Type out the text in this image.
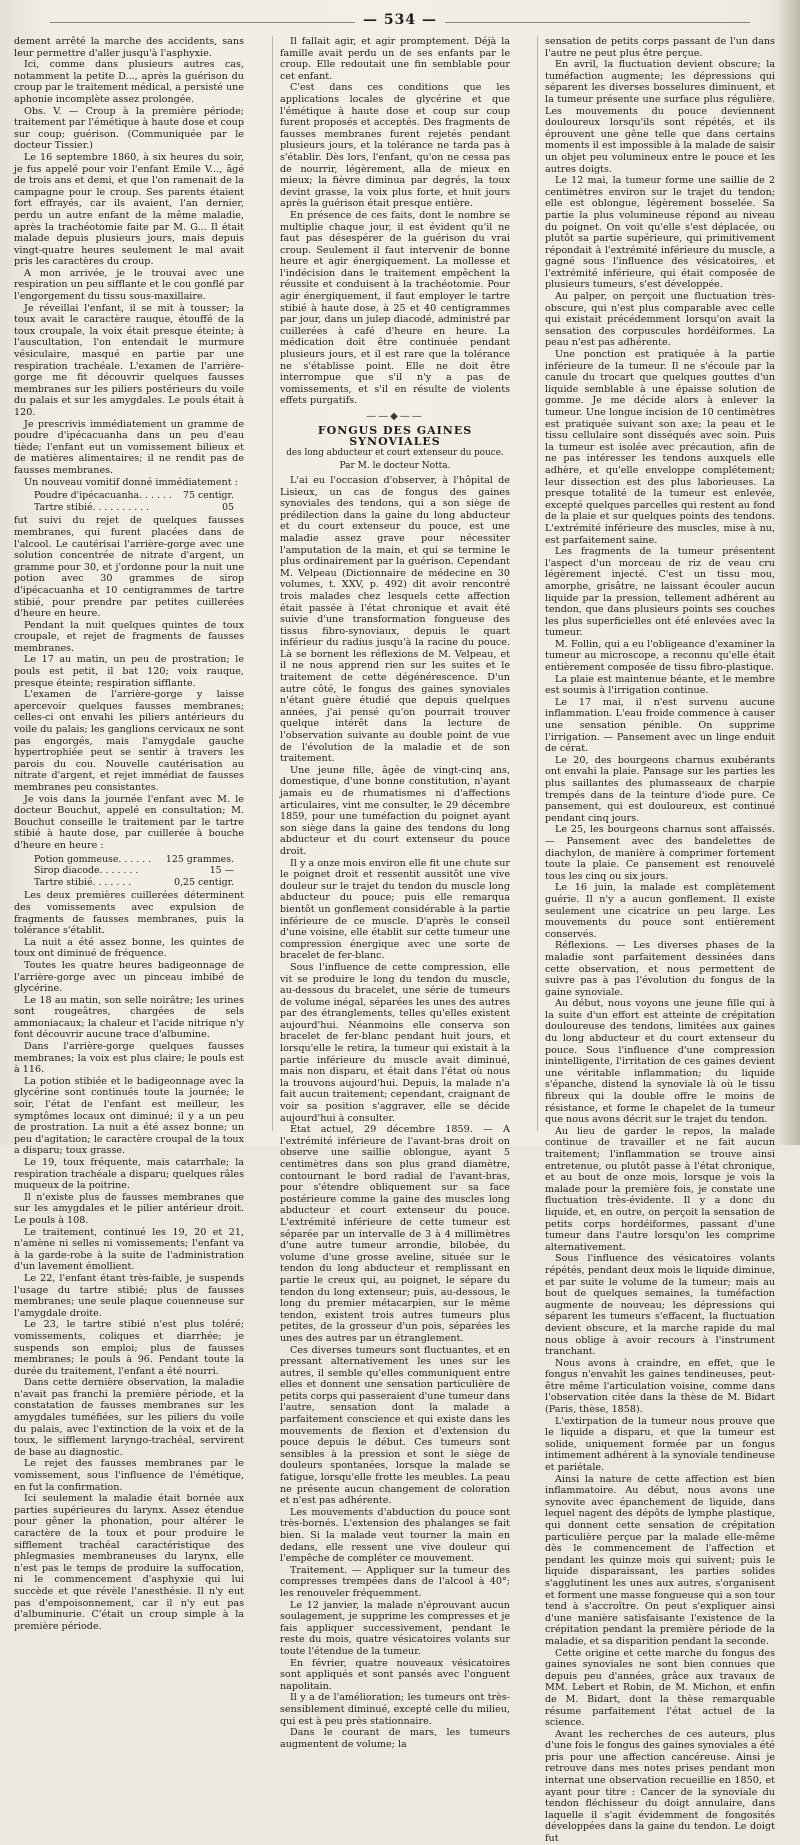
— 534 —

dement arrêté la marche des accidents, sans leur permettre d'aller jusqu'à l'asphyxie.

Ici, comme dans plusieurs autres cas, notamment la petite D..., après la guérison du croup par le traitement médical, a persisté une aphonie incomplète assez prolongée.

Obs. V. — Croup à la première période; traitement par l'émétique à haute dose et coup sur coup; guérison. (Communiquée par le docteur Tissier.)

Le 16 septembre 1860, à six heures du soir, je fus appelé pour voir l'enfant Emile V..., âgé de trois ans et demi, et que l'on ramenait de la campagne pour le croup. Ses parents étaient fort effrayés, car ils avaient, l'an dernier, perdu un autre enfant de la même maladie, après la trachéotomie faite par M. G... Il était malade depuis plusieurs jours, mais depuis vingt-quatre heures seulement le mal avait pris les caractères du croup.

A mon arrivée, je le trouvai avec une respiration un peu sifflante et le cou gonflé par l'engorgement du tissu sous-maxillaire.

Je réveillai l'enfant, il se mit à tousser; la toux avait le caractère rauque, étouffé de la toux croupale, la voix était presque éteinte; à l'auscultation, l'on entendait le murmure vésiculaire, masqué en partie par une respiration trachéale. L'examen de l'arrière-gorge me fit découvrir quelques fausses membranes sur les piliers postérieurs du voile du palais et sur les amygdales. Le pouls était à 120.

Je prescrivis immédiatement un gramme de poudre d'ipécacuanha dans un peu d'eau tiède; l'enfant eut un vomissement bilieux et de matières alimentaires; il ne rendit pas de fausses membranes.

Un nouveau vomitif donné immédiatement :

Poudre d'ipécacuanha. . . . . . 75 centigr.
Tartre stibié. . . . . . . . . .	05

fut suivi du rejet de quelques fausses membranes, qui furent placées dans de l'alcool. Le cautérisai l'arrière-gorge avec une solution concentrée de nitrate d'argent, un gramme pour 30, et j'ordonne pour la nuit une potion avec 30 grammes de sirop d'ipécacuanha et 10 centigrammes de tartre stibié, pour prendre par petites cuillerées d'heure en heure.

Pendant la nuit quelques quintes de toux croupale, et rejet de fragments de fausses membranes.

Le 17 au matin, un peu de prostration; le pouls est petit, il bat 120; voix rauque, presque éteinte; respiration sifflante.

L'examen de l'arrière-gorge y laisse apercevoir quelques fausses membranes; celles-ci ont envahi les piliers antérieurs du voile du palais; les ganglions cervicaux ne sont pas engorgés, mais l'amygdale gauche hypertrophiée peut se sentir à travers les parois du cou. Nouvelle cautérisation au nitrate d'argent, et rejet immédiat de fausses membranes peu consistantes.

Je vois dans la journée l'enfant avec M. le docteur Bouchut, appelé en consultation; M. Bouchut conseille le traitement par le tartre stibié à haute dose, par cuillerée à bouche d'heure en heure :

Potion gommeuse. . . . . . 125 grammes.
Sirop diacode. . . . . . .	15 —
Tartre stibié. . . . . . .	0,25 centigr.

Les deux premières cuillerées déterminent des vomissements avec expulsion de fragments de fausses membranes, puis la tolérance s'établit.

La nuit a été assez bonne, les quintes de toux ont diminué de fréquence.

Toutes les quatre heures badigeonnage de l'arrière-gorge avec un pinceau imbibé de glycérine.

Le 18 au matin, son selle noirâtre; les urines sont rougeâtres, chargées de sels ammoniacaux; la chaleur et l'acide nitrique n'y font découvrir aucune trace d'albumine.

Dans l'arrière-gorge quelques fausses membranes; la voix est plus claire; le pouls est à 116.

La potion stibiée et le badigeonnage avec la glycérine sont continués toute la journée; le soir, l'état de l'enfant est meilleur, les symptômes locaux ont diminué; il y a un peu de prostration. La nuit a été assez bonne; un peu d'agitation; le caractère croupal de la toux a disparu; toux grasse.

Le 19, toux fréquente, mais catarrhale; la respiration trachéale a disparu; quelques râles muqueux de la poitrine.

Il n'existe plus de fausses membranes que sur les amygdales et le pilier antérieur droit. Le pouls à 108.

Le traitement, continué les 19, 20 et 21, n'amène ni selles ni vomissements; l'enfant va à la garde-robe à la suite de l'administration d'un lavement émollient.

Le 22, l'enfant étant très-faible, je suspends l'usage du tartre stibié; plus de fausses membranes; une seule plaque couenneuse sur l'amygdale droite.

Le 23, le tartre stibié n'est plus toléré; vomissements, coliques et diarrhée; je suspends son emploi; plus de fausses membranes; le pouls à 96. Pendant toute la durée du traitement, l'enfant a été nourri.

Dans cette dernière observation, la maladie n'avait pas franchi la première période, et la constatation de fausses membranes sur les amygdales tuméfiées, sur les piliers du voile du palais, avec l'extinction de la voix et de la toux, le sifflement laryngo-trachéal, servirent de base au diagnostic.

Le rejet des fausses membranes par le vomissement, sous l'influence de l'émétique, en fut la confirmation.

Ici seulement la maladie était bornée aux parties supérieures du larynx. Assez étendue pour gêner la phonation, pour altérer le caractère de la toux et pour produire le sifflement trachéal caractéristique des phlegmasies membraneuses du larynx, elle n'est pas le temps de produire la suffocation, ni le commencement d'asphyxie qui lui succède et que révèle l'anesthésie. Il n'y eut pas d'empoisonnement, car il n'y eut pas d'albuminurie. C'était un croup simple à la première période.

Il fallait agir, et agir promptement. Déjà la famille avait perdu un de ses enfants par le croup. Elle redoutait une fin semblable pour cet enfant.

C'est dans ces conditions que les applications locales de glycérine et que l'émétique à haute dose et coup sur coup furent proposés et acceptés. Des fragments de fausses membranes furent rejetés pendant plusieurs jours, et la tolérance ne tarda pas à s'établir. Dès lors, l'enfant, qu'on ne cessa pas de nourrir, légèrement, alla de mieux en mieux; la fièvre diminua par degrés, la toux devint grasse, la voix plus forte, et huit jours après la guérison était presque entière.

En présence de ces faits, dont le nombre se multiplie chaque jour, il est évident qu'il ne faut pas désespérer de la guérison du vrai croup. Seulement il faut intervenir de bonne heure et agir énergiquement. La mollesse et l'indécision dans le traitement empêchent la réussite et conduisent à la trachéotomie. Pour agir énergiquement, il faut employer le tartre stibié à haute dose, à 25 et 40 centigrammes par jour, dans un julep diacodé, administré par cuillerées à café d'heure en heure. La médication doit être continuée pendant plusieurs jours, et il est rare que la tolérance ne s'établisse point. Elle ne doit être interrompue que s'il n'y a pas de vomissements, et s'il en résulte de violents effets purgatifs.

——◆——
FONGUS DES GAINES SYNOVIALES
des long abducteur et court extenseur du pouce.
Par M. le docteur Notta.

L'ai eu l'occasion d'observer, à l'hôpital de Lisieux, un cas de fongus des gaines synoviales des tendons, qui a son siège de prédilection dans la gaine du long abducteur et du court extenseur du pouce, est une maladie assez grave pour nécessiter l'amputation de la main, et qui se termine le plus ordinairement par la guérison. Cependant M. Velpeau (Dictionnaire de médecine en 30 volumes, t. XXV, p. 492) dit avoir rencontré trois malades chez lesquels cette affection était passée à l'état chronique et avait été suivie d'une transformation fongueuse des tissus fibro-synoviaux, depuis le quart inférieur du radius jusqu'à la racine du pouce. Là se bornent les réflexions de M. Velpeau, et il ne nous apprend rien sur les suites et le traitement de cette dégénérescence. D'un autre côté, le fongus des gaines synoviales n'étant guère étudié que depuis quelques années, j'ai pensé qu'on pourrait trouver quelque intérêt dans la lecture de l'observation suivante au double point de vue de l'évolution de la maladie et de son traitement.

Une jeune fille, âgée de vingt-cinq ans, domestique, d'une bonne constitution, n'ayant jamais eu de rhumatismes ni d'affections articulaires, vint me consulter, le 29 décembre 1859, pour une tuméfaction du poignet ayant son siège dans la gaine des tendons du long abducteur et du court extenseur du pouce droit.

Il y a onze mois environ elle fit une chute sur le poignet droit et ressentit aussitôt une vive douleur sur le trajet du tendon du muscle long abducteur du pouce; puis elle remarqua bientôt un gonflement considérable à la partie inférieure de ce muscle. D'après le conseil d'une voisine, elle établit sur cette tumeur une compression énergique avec une sorte de bracelet de fer-blanc.

Sous l'influence de cette compression, elle vit se produire le long du tendon du muscle, au-dessous du bracelet, une série de tumeurs de volume inégal, séparées les unes des autres par des étranglements, telles qu'elles existent aujourd'hui. Néanmoins elle conserva son bracelet de fer-blanc pendant huit jours, et lorsqu'elle le retira, la tumeur qui existait à la partie inférieure du muscle avait diminué, mais non disparu, et était dans l'état où nous la trouvons aujourd'hui. Depuis, la malade n'a fait aucun traitement; cependant, craignant de voir sa position s'aggraver, elle se décide aujourd'hui à consulter.

État actuel, 29 décembre 1859. — A l'extrémité inférieure de l'avant-bras droit on observe une saillie oblongue, ayant 5 centimètres dans son plus grand diamètre, contournant le bord radial de l'avant-bras, pour s'étendre obliquement sur sa face postérieure comme la gaine des muscles long abducteur et court extenseur du pouce. L'extrémité inférieure de cette tumeur est séparée par un intervalle de 3 à 4 millimètres d'une autre tumeur arrondie, bilobée, du volume d'une grosse aveline, située sur le tendon du long abducteur et remplissant en partie le creux qui, au poignet, le sépare du tendon du long extenseur; puis, au-dessous, le long du premier métacarpien, sur le même tendon, existent trois autres tumeurs plus petites, de la grosseur d'un pois, séparées les unes des autres par un étranglement.

Ces diverses tumeurs sont fluctuantes, et en pressant alternativement les unes sur les autres, il semble qu'elles communiquent entre elles et donnent une sensation particulière de petits corps qui passeraient d'une tumeur dans l'autre, sensation dont la malade a parfaitement conscience et qui existe dans les mouvements de flexion et d'extension du pouce depuis le début. Ces tumeurs sont sensibles à la pression et sont le siège de douleurs spontanées, lorsque la malade se fatigue, lorsqu'elle frotte les meubles. La peau ne présente aucun changement de coloration et n'est pas adhérente.

Les mouvements d'abduction du pouce sont très-bornés. L'extension des phalanges se fait bien. Si la malade veut tourner la main en dedans, elle ressent une vive douleur qui l'empêche de compléter ce mouvement.

Traitement. — Appliquer sur la tumeur des compresses trempées dans de l'alcool à 40°; les renouveler fréquemment.

Le 12 janvier, la malade n'éprouvant aucun soulagement, je supprime les compresses et je fais appliquer successivement, pendant le reste du mois, quatre vésicatoires volants sur toute l'étendue de la tumeur.

En février, quatre nouveaux vésicatoires sont appliqués et sont pansés avec l'onguent napolitain.

Il y a de l'amélioration; les tumeurs ont très-sensiblement diminué, excepté celle du milieu, qui est à peu près stationnaire.

Dans le courant de mars, les tumeurs augmentent de volume; la

sensation de petits corps passant de l'un dans l'autre ne peut plus être perçue.

En avril, la fluctuation devient obscure; la tuméfaction augmente; les dépressions qui séparent les diverses bosselures diminuent, et la tumeur présente une surface plus régulière. Les mouvements du pouce deviennent douloureux lorsqu'ils sont répétés, et ils éprouvent une gêne telle que dans certains moments il est impossible à la malade de saisir un objet peu volumineux entre le pouce et les autres doigts.

Le 12 mai, la tumeur forme une saillie de 2 centimètres environ sur le trajet du tendon; elle est oblongue, légèrement bosselée. Sa partie la plus volumineuse répond au niveau du poignet. On voit qu'elle s'est déplacée, ou plutôt sa partie supérieure, qui primitivement répondait à l'extrémité inférieure du muscle, a gagné sous l'influence des vésicatoires, et l'extrémité inférieure, qui était composée de plusieurs tumeurs, s'est développée.

Au palper, on perçoit une fluctuation très-obscure, qui n'est plus comparable avec celle qui existait précédemment lorsqu'on avait la sensation des corpuscules hordéiformes. La peau n'est pas adhérente.

Une ponction est pratiquée à la partie inférieure de la tumeur. Il ne s'écoule par la canule du trocart que quelques gouttes d'un liquide semblable à une épaisse solution de gomme. Je me décide alors à enlever la tumeur. Une longue incision de 10 centimètres est pratiquée suivant son axe; la peau et le tissu cellulaire sont disséqués avec soin. Puis la tumeur est isolée avec précaution, afin de ne pas intéresser les tendons auxquels elle adhère, et qu'elle enveloppe complétement; leur dissection est des plus laborieuses. La presque totalité de la tumeur est enlevée, excepté quelques parcelles qui restent au fond de la plaie et sur quelques points des tendons. L'extrémité inférieure des muscles, mise à nu, est parfaitement saine.

Les fragments de la tumeur présentent l'aspect d'un morceau de riz de veau cru légèrement injecté. C'est un tissu mou, amorphe, grisâtre, ne laissant écouler aucun liquide par la pression, tellement adhérent au tendon, que dans plusieurs points ses couches les plus superficielles ont été enlevées avec la tumeur.

M. Follin, qui a eu l'obligeance d'examiner la tumeur au microscope, a reconnu qu'elle était entièrement composée de tissu fibro-plastique.

La plaie est maintenue béante, et le membre est soumis à l'irrigation continue.

Le 17 mai, il n'est survenu aucune inflammation. L'eau froide commence à causer une sensation pénible. On supprime l'irrigation. — Pansement avec un linge enduit de cérat.

Le 20, des bourgeons charnus exubérants ont envahi la plaie. Pansage sur les parties les plus saillantes des plumasseaux de charpie trempés dans de la teinture d'iode pure. Ce pansement, qui est douloureux, est continué pendant cinq jours.

Le 25, les bourgeons charnus sont affaissés. — Pansement avec des bandelettes de diachylon, de manière à comprimer fortement toute la plaie. Ce pansement est renouvelé tous les cinq ou six jours.

Le 16 juin, la malade est complètement guérie. Il n'y a aucun gonflement. Il existe seulement une cicatrice un peu large. Les mouvements du pouce sont entièrement conservés.

Réflexions. — Les diverses phases de la maladie sont parfaitement dessinées dans cette observation, et nous permettent de suivre pas à pas l'évolution du fongus de la gaine synoviale.

Au début, nous voyons une jeune fille qui à la suite d'un effort est atteinte de crépitation douloureuse des tendons, limitées aux gaines du long abducteur et du court extenseur du pouce. Sous l'influence d'une compression inintelligente, l'irritation de ces gaines devient une véritable inflammation; du liquide s'épanche, distend la synoviale là où le tissu fibreux qui la double offre le moins de résistance, et forme le chapelet de la tumeur que nous avons décrit sur le trajet du tendon.

Au lieu de garder le repos, la malade continue de travailler et ne fait aucun traitement; l'inflammation se trouve ainsi entretenue, ou plutôt passe à l'état chronique, et au bout de onze mois, lorsque je vois la malade pour la première fois, je constate une fluctuation très-évidente. Il y a donc du liquide, et, en outre, on perçoit la sensation de petits corps hordéiformes, passant d'une tumeur dans l'autre lorsqu'on les comprime alternativement.

Sous l'influence des vésicatoires volants répétés, pendant deux mois le liquide diminue, et par suite le volume de la tumeur; mais au bout de quelques semaines, la tuméfaction augmente de nouveau; les dépressions qui séparent les tumeurs s'effacent, la fluctuation devient obscure, et la marche rapide du mal nous oblige à avoir recours à l'instrument tranchant.

Nous avons à craindre, en effet, que le fongus n'envahît les gaines tendineuses, peut-être même l'articulation voisine, comme dans l'observation citée dans la thèse de M. Bidart (Paris, thèse, 1858).

L'extirpation de la tumeur nous prouve que le liquide a disparu, et que la tumeur est solide, uniquement formée par un fongus intimement adhérent à la synoviale tendineuse et pariétale.

Ainsi la nature de cette affection est bien inflammatoire. Au début, nous avons une synovite avec épanchement de liquide, dans lequel nagent des dépôts de lymphe plastique, qui donnent cette sensation de crépitation particulière perçue par la malade elle-même dès le commencement de l'affection et pendant les quinze mois qui suivent; puis le liquide disparaissant, les parties solides s'agglutinent les unes aux autres, s'organisent et forment une masse fongueuse qui a son tour tend à s'accroître. On peut s'expliquer ainsi d'une manière satisfaisante l'existence de la crépitation pendant la première période de la maladie, et sa disparition pendant la seconde.

Cette origine et cette marche du fongus des gaines synoviales ne sont bien connues que depuis peu d'années, grâce aux travaux de MM. Lebert et Robin, de M. Michon, et enfin de M. Bidart, dont la thèse remarquable résume parfaitement l'état actuel de la science.

Avant les recherches de ces auteurs, plus d'une fois le fongus des gaines synoviales a été pris pour une affection cancéreuse. Ainsi je retrouve dans mes notes prises pendant mon internat une observation recueillie en 1850, et ayant pour titre : Cancer de la synoviale du tendon fléchisseur du doigt annulaire, dans laquelle il s'agit évidemment de fongosités développées dans la gaine du tendon. Le doigt fut
